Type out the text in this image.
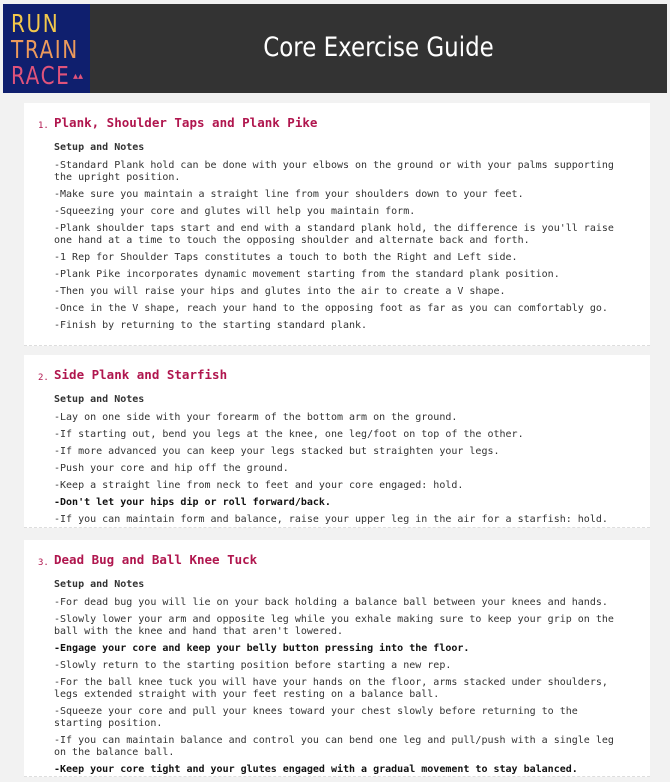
RUN
TRAIN
RACE ▴▴
Core Exercise Guide
1. Plank, Shoulder Taps and Plank Pike
Setup and Notes

-Standard Plank hold can be done with your elbows on the ground or with your palms supporting the upright position.

-Make sure you maintain a straight line from your shoulders down to your feet.

-Squeezing your core and glutes will help you maintain form.

-Plank shoulder taps start and end with a standard plank hold, the difference is you'll raise one hand at a time to touch the opposing shoulder and alternate back and forth.

-1 Rep for Shoulder Taps constitutes a touch to both the Right and Left side.

-Plank Pike incorporates dynamic movement starting from the standard plank position.

-Then you will raise your hips and glutes into the air to create a V shape.

-Once in the V shape, reach your hand to the opposing foot as far as you can comfortably go.

-Finish by returning to the starting standard plank.

2. Side Plank and Starfish
Setup and Notes

-Lay on one side with your forearm of the bottom arm on the ground.

-If starting out, bend you legs at the knee, one leg/foot on top of the other.

-If more advanced you can keep your legs stacked but straighten your legs.

-Push your core and hip off the ground.

-Keep a straight line from neck to feet and your core engaged: hold.

-Don't let your hips dip or roll forward/back.

-If you can maintain form and balance, raise your upper leg in the air for a starfish: hold.

3. Dead Bug and Ball Knee Tuck
Setup and Notes

-For dead bug you will lie on your back holding a balance ball between your knees and hands.

-Slowly lower your arm and opposite leg while you exhale making sure to keep your grip on the ball with the knee and hand that aren't lowered.

-Engage your core and keep your belly button pressing into the floor.

-Slowly return to the starting position before starting a new rep.

-For the ball knee tuck you will have your hands on the floor, arms stacked under shoulders, legs extended straight with your feet resting on a balance ball.

-Squeeze your core and pull your knees toward your chest slowly before returning to the starting position.

-If you can maintain balance and control you can bend one leg and pull/push with a single leg on the balance ball.

-Keep your core tight and your glutes engaged with a gradual movement to stay balanced.
